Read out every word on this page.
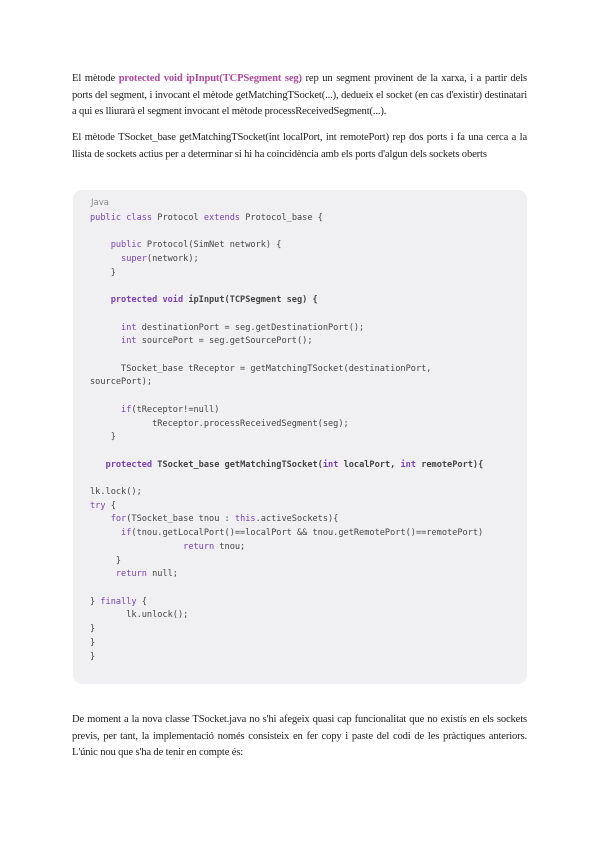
El mètode protected void ipInput(TCPSegment seg) rep un segment provinent de la xarxa, i a partir dels ports del segment, i invocant el mètode getMatchingTSocket(...), dedueix el socket (en cas d'existir) destinatari a qui es lliurarà el segment invocant el mètode processReceivedSegment(...).
El mètode TSocket_base getMatchingTSocket(int localPort, int remotePort) rep dos ports i fa una cerca a la llista de sockets actius per a determinar si hi ha coincidència amb els ports d'algun dels sockets oberts
Java
public class Protocol extends Protocol_base {

public Protocol(SimNet network) {
super(network);
}

protected void ipInput(TCPSegment seg) {

int destinationPort = seg.getDestinationPort();
int sourcePort = seg.getSourcePort();

TSocket_base tReceptor = getMatchingTSocket(destinationPort,
sourcePort);

if(tReceptor!=null)
tReceptor.processReceivedSegment(seg);
}

protected TSocket_base getMatchingTSocket(int localPort, int remotePort){

lk.lock();
try {
for(TSocket_base tnou : this.activeSockets){
if(tnou.getLocalPort()==localPort && tnou.getRemotePort()==remotePort)
return tnou;
}
return null;

} finally {
lk.unlock();
}
}
}
De moment a la nova classe TSocket.java no s'hi afegeix quasi cap funcionalitat que no existís en els sockets previs, per tant, la implementació només consisteix en fer copy i paste del codi de les pràctiques anteriors. L'únic nou que s'ha de tenir en compte és:
